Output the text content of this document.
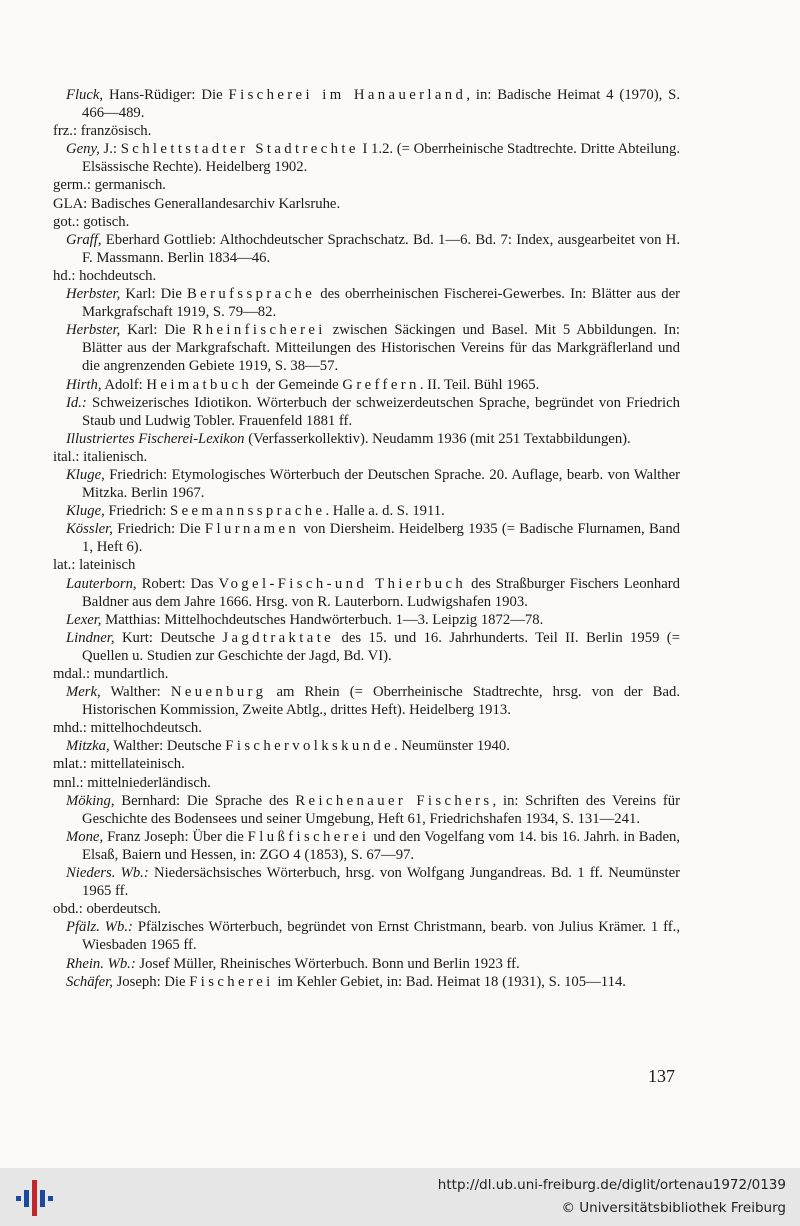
Fluck, Hans-Rüdiger: Die Fischerei im Hanauerland, in: Badische Heimat 4 (1970), S. 466—489.

frz.: französisch.

Geny, J.: Schlettstadter Stadtrechte I 1.2. (= Oberrheinische Stadtrechte. Dritte Abteilung. Elsässische Rechte). Heidelberg 1902.

germ.: germanisch.

GLA: Badisches Generallandesarchiv Karlsruhe.

got.: gotisch.

Graff, Eberhard Gottlieb: Althochdeutscher Sprachschatz. Bd. 1—6. Bd. 7: Index, ausgearbeitet von H. F. Massmann. Berlin 1834—46.

hd.: hochdeutsch.

Herbster, Karl: Die Berufssprache des oberrheinischen Fischerei-Gewerbes. In: Blätter aus der Markgrafschaft 1919, S. 79—82.

Herbster, Karl: Die Rheinfischerei zwischen Säckingen und Basel. Mit 5 Abbildungen. In: Blätter aus der Markgrafschaft. Mitteilungen des Historischen Vereins für das Markgräflerland und die angrenzenden Gebiete 1919, S. 38—57.

Hirth, Adolf: Heimatbuch der Gemeinde Greffern. II. Teil. Bühl 1965.

Id.: Schweizerisches Idiotikon. Wörterbuch der schweizerdeutschen Sprache, begründet von Friedrich Staub und Ludwig Tobler. Frauenfeld 1881 ff.

Illustriertes Fischerei-Lexikon (Verfasserkollektiv). Neudamm 1936 (mit 251 Textabbildungen).

ital.: italienisch.

Kluge, Friedrich: Etymologisches Wörterbuch der Deutschen Sprache. 20. Auflage, bearb. von Walther Mitzka. Berlin 1967.

Kluge, Friedrich: Seemannssprache. Halle a. d. S. 1911.

Kössler, Friedrich: Die Flurnamen von Diersheim. Heidelberg 1935 (= Badische Flurnamen, Band 1, Heft 6).

lat.: lateinisch

Lauterborn, Robert: Das Vogel-Fisch-und Thierbuch des Straßburger Fischers Leonhard Baldner aus dem Jahre 1666. Hrsg. von R. Lauterborn. Ludwigshafen 1903.

Lexer, Matthias: Mittelhochdeutsches Handwörterbuch. 1—3. Leipzig 1872—78.

Lindner, Kurt: Deutsche Jagdtraktate des 15. und 16. Jahrhunderts. Teil II. Berlin 1959 (= Quellen u. Studien zur Geschichte der Jagd, Bd. VI).

mdal.: mundartlich.

Merk, Walther: Neuenburg am Rhein (= Oberrheinische Stadtrechte, hrsg. von der Bad. Historischen Kommission, Zweite Abtlg., drittes Heft). Heidelberg 1913.

mhd.: mittelhochdeutsch.

Mitzka, Walther: Deutsche Fischervolkskunde. Neumünster 1940.

mlat.: mittellateinisch.

mnl.: mittelniederländisch.

Möking, Bernhard: Die Sprache des Reichenauer Fischers, in: Schriften des Vereins für Geschichte des Bodensees und seiner Umgebung, Heft 61, Friedrichshafen 1934, S. 131—241.

Mone, Franz Joseph: Über die Flußfischerei und den Vogelfang vom 14. bis 16. Jahrh. in Baden, Elsaß, Baiern und Hessen, in: ZGO 4 (1853), S. 67—97.

Nieders. Wb.: Niedersächsisches Wörterbuch, hrsg. von Wolfgang Jungandreas. Bd. 1 ff. Neumünster 1965 ff.

obd.: oberdeutsch.

Pfälz. Wb.: Pfälzisches Wörterbuch, begründet von Ernst Christmann, bearb. von Julius Krämer. 1 ff., Wiesbaden 1965 ff.

Rhein. Wb.: Josef Müller, Rheinisches Wörterbuch. Bonn und Berlin 1923 ff.

Schäfer, Joseph: Die Fischerei im Kehler Gebiet, in: Bad. Heimat 18 (1931), S. 105—114.

137
http://dl.ub.uni-freiburg.de/diglit/ortenau1972/0139
© Universitätsbibliothek Freiburg
